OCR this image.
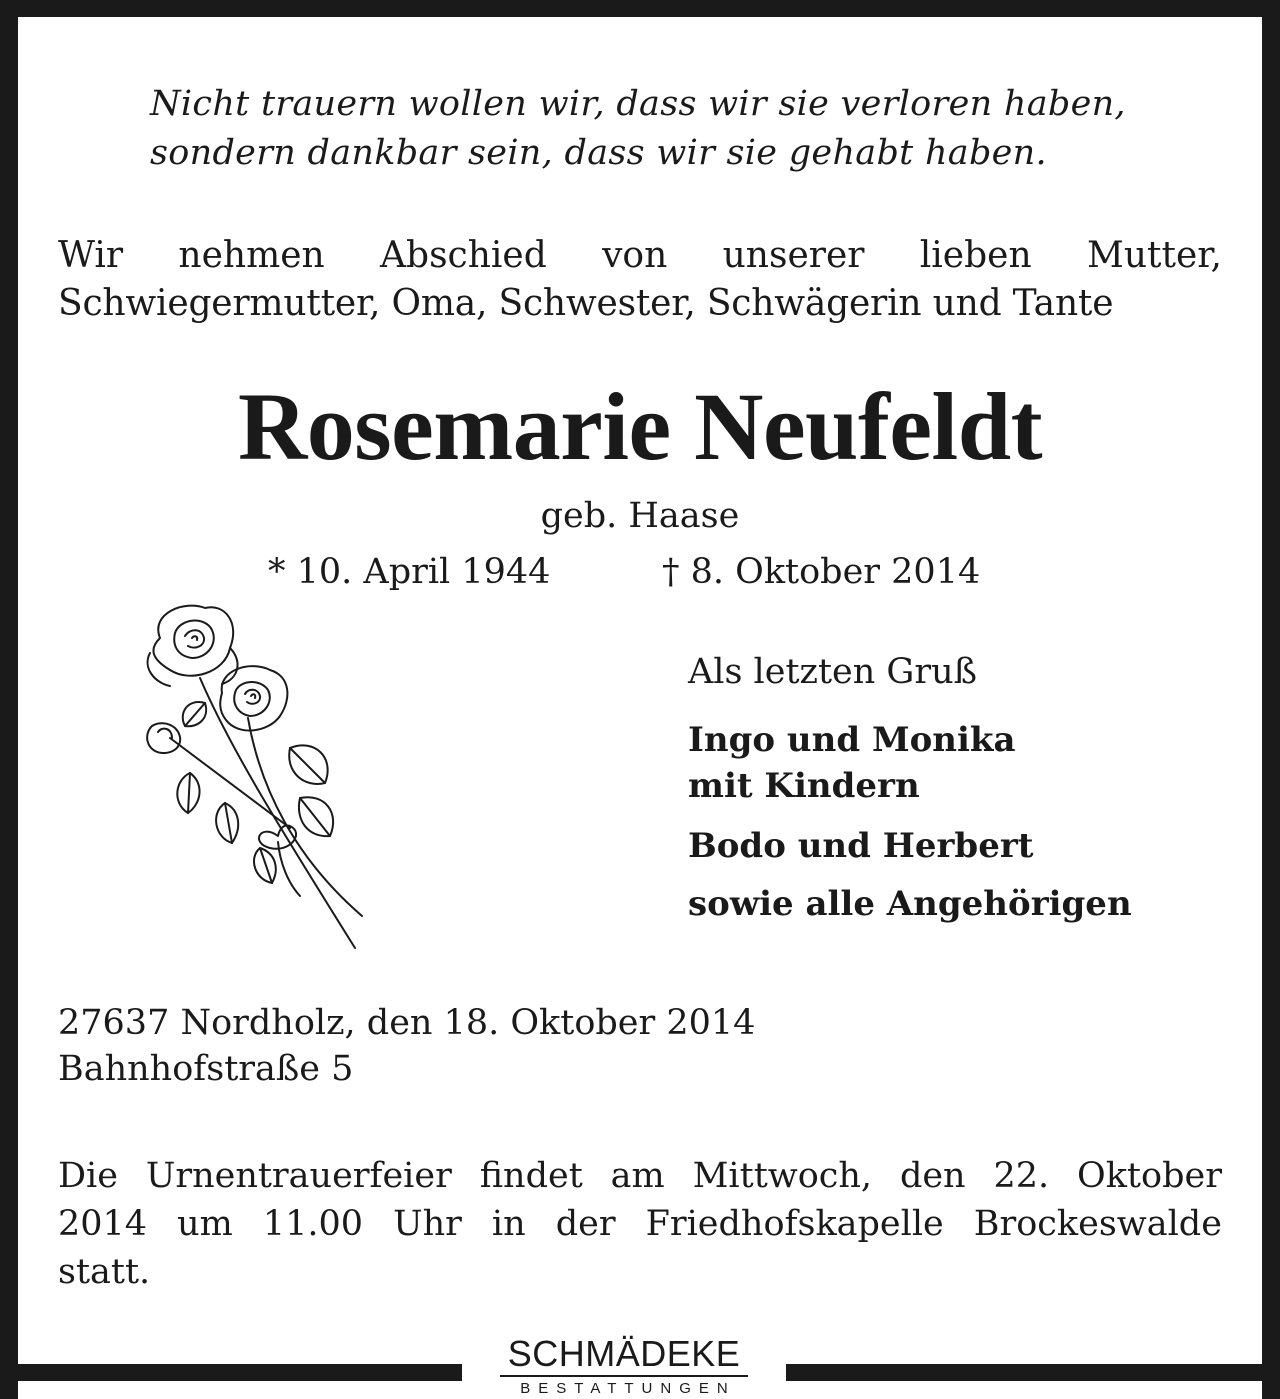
Nicht trauern wollen wir, dass wir sie verloren haben,
sondern dankbar sein, dass wir sie gehabt haben.
Wir nehmen Abschied von unserer lieben Mutter,
Schwiegermutter, Oma, Schwester, Schwägerin und Tante
Rosemarie Neufeldt
geb. Haase
* 10. April 1944	† 8. Oktober 2014
Als letzten Gruß
Ingo und Monika
mit Kindern
Bodo und Herbert
sowie alle Angehörigen
27637 Nordholz, den 18. Oktober 2014
Bahnhofstraße 5
Die Urnentrauerfeier findet am Mittwoch, den 22. Oktober
2014 um 11.00 Uhr in der Friedhofskapelle Brockeswalde
statt.
SCHMÄDEKE
BESTATTUNGEN
